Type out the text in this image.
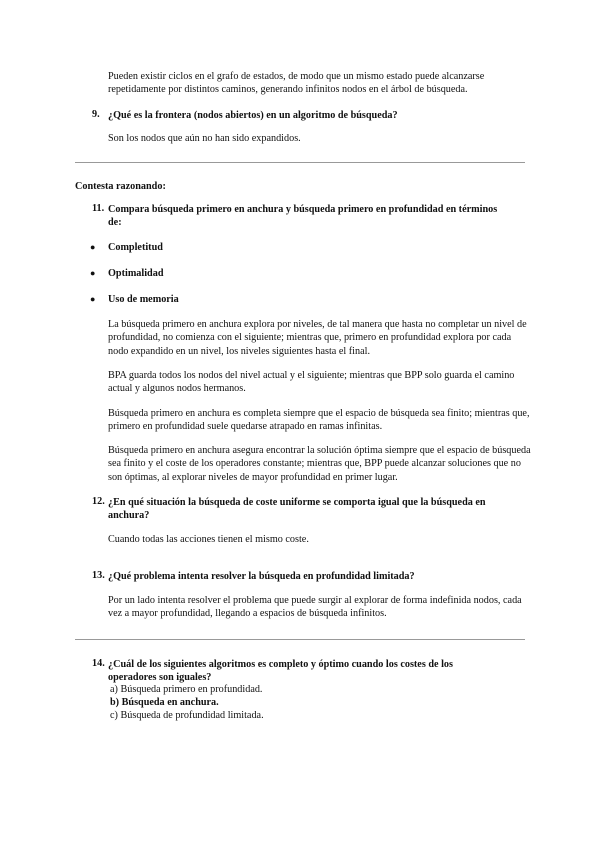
Pueden existir ciclos en el grafo de estados, de modo que un mismo estado puede alcanzarse repetidamente por distintos caminos, generando infinitos nodos en el árbol de búsqueda.
9. ¿Qué es la frontera (nodos abiertos) en un algoritmo de búsqueda?
Son los nodos que aún no han sido expandidos.
Contesta razonando:
11. Compara búsqueda primero en anchura y búsqueda primero en profundidad en términos de:
●	Completitud
●	Optimalidad
●	Uso de memoria
La búsqueda primero en anchura explora por niveles, de tal manera que hasta no completar un nivel de profundidad, no comienza con el siguiente; mientras que, primero en profundidad explora por cada nodo expandido en un nivel, los niveles siguientes hasta el final.
BPA guarda todos los nodos del nivel actual y el siguiente; mientras que BPP solo guarda el camino actual y algunos nodos hermanos.
Búsqueda primero en anchura es completa siempre que el espacio de búsqueda sea finito; mientras que, primero en profundidad suele quedarse atrapado en ramas infinitas.
Búsqueda primero en anchura asegura encontrar la solución óptima siempre que el espacio de búsqueda sea finito y el coste de los operadores constante; mientras que, BPP puede alcanzar soluciones que no son óptimas, al explorar niveles de mayor profundidad en primer lugar.
12. ¿En qué situación la búsqueda de coste uniforme se comporta igual que la búsqueda en anchura?
Cuando todas las acciones tienen el mismo coste.
13. ¿Qué problema intenta resolver la búsqueda en profundidad limitada?
Por un lado intenta resolver el problema que puede surgir al explorar de forma indefinida nodos, cada vez a mayor profundidad, llegando a espacios de búsqueda infinitos.
14. ¿Cuál de los siguientes algoritmos es completo y óptimo cuando los costes de los operadores son iguales?
a) Búsqueda primero en profundidad.
b) Búsqueda en anchura.
c) Búsqueda de profundidad limitada.
